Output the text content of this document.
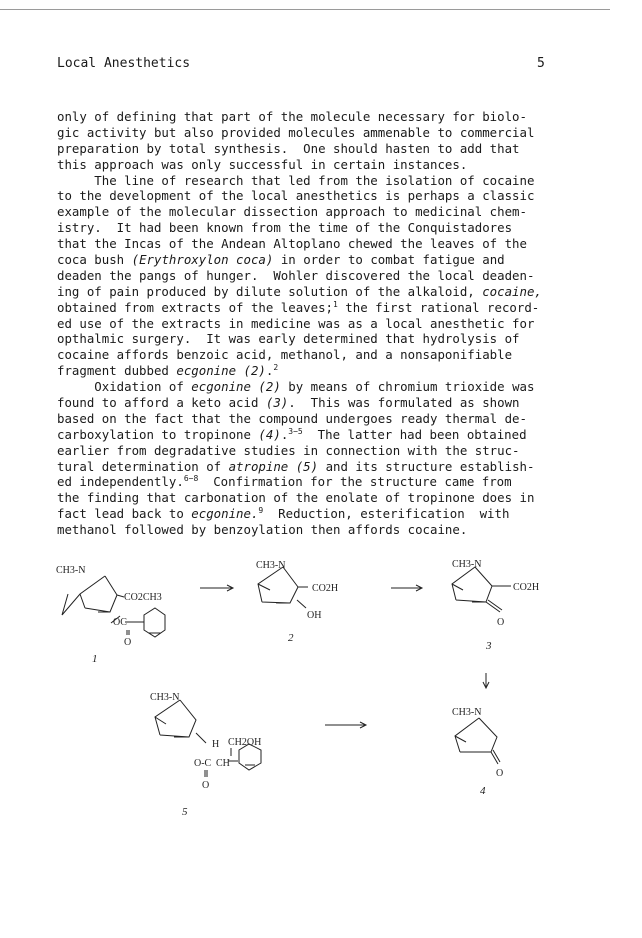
Local Anesthetics	5
only of defining that part of the molecule necessary for biolo-
gic activity but also provided molecules ammenable to commercial
preparation by total synthesis.  One should hasten to add that
this approach was only successful in certain instances.
The line of research that led from the isolation of cocaine
to the development of the local anesthetics is perhaps a classic
example of the molecular dissection approach to medicinal chem-
istry.  It had been known from the time of the Conquistadores
that the Incas of the Andean Altoplano chewed the leaves of the
coca bush (Erythroxylon coca) in order to combat fatigue and
deaden the pangs of hunger.  Wohler discovered the local deaden-
ing of pain produced by dilute solution of the alkaloid, cocaine,
obtained from extracts of the leaves;$^1$ the first rational record-
ed use of the extracts in medicine was as a local anesthetic for
opthalmic surgery.  It was early determined that hydrolysis of
cocaine affords benzoic acid, methanol, and a nonsaponifiable
fragment dubbed ecgonine (2).$^2$
Oxidation of ecgonine (2) by means of chromium trioxide was
found to afford a keto acid (3).  This was formulated as shown
based on the fact that the compound undergoes ready thermal de-
carboxylation to tropinone (4).$^{3-5}$  The latter had been obtained
earlier from degradative studies in connection with the struc-
tural determination of atropine (5) and its structure establish-
ed independently.$^{6-8}$  Confirmation for the structure came from
the finding that carbonation of the enolate of tropinone does in
fact lead back to ecgonine.$^9$  Reduction, esterification  with
methanol followed by benzoylation then affords cocaine.
CH3-N
CO2CH3
OC
O
1
CH3-N
CO2H
OH
2
CH3-N
CO2H
O
3
CH3-N
O
4
CH3-N
H CH2OH
O-C CH
O
5
